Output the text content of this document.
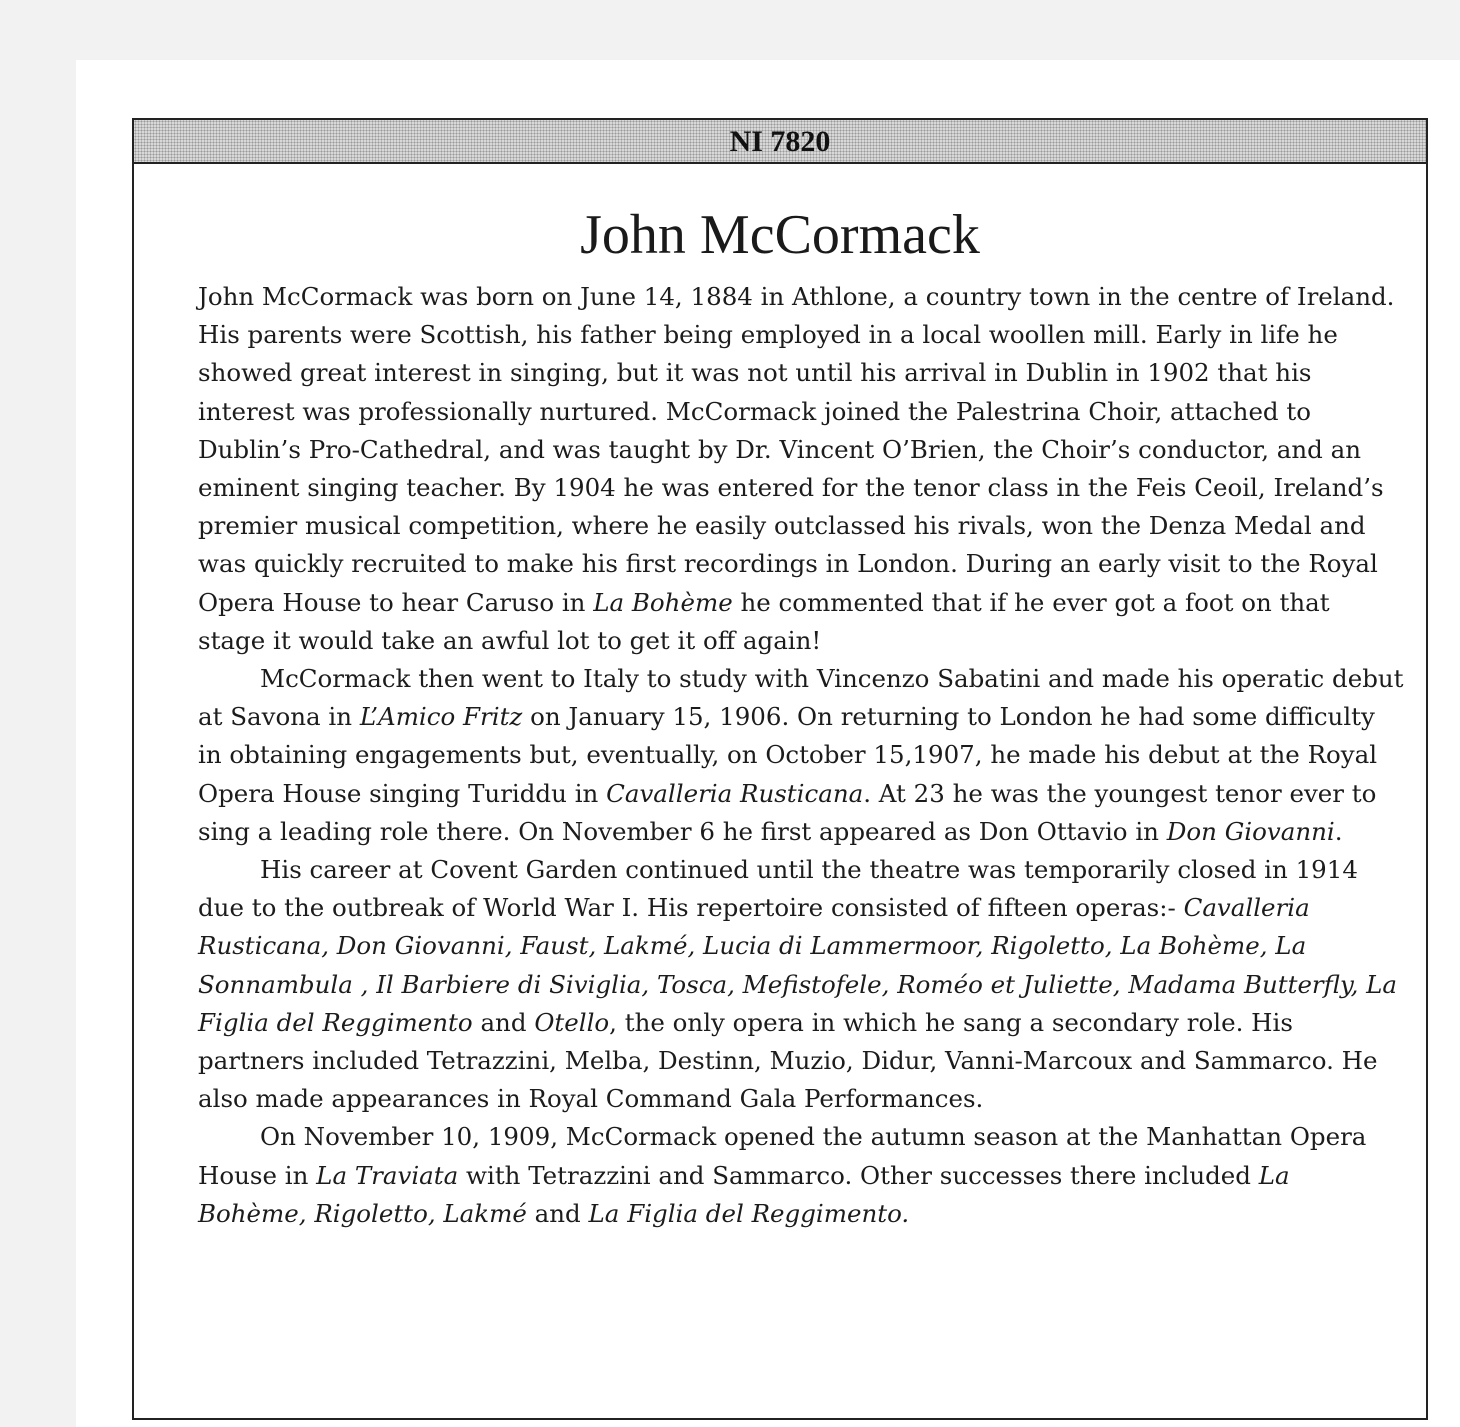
NI 7820
John McCormack

John McCormack was born on June 14, 1884 in Athlone, a country town in the centre of Ireland. His parents were Scottish, his father being employed in a local woollen mill. Early in life he showed great interest in singing, but it was not until his arrival in Dublin in 1902 that his interest was professionally nurtured. McCormack joined the Palestrina Choir, attached to Dublin’s Pro-Cathedral, and was taught by Dr. Vincent O’Brien, the Choir’s conductor, and an eminent singing teacher. By 1904 he was entered for the tenor class in the Feis Ceoil, Ireland’s premier musical competition, where he easily outclassed his rivals, won the Denza Medal and was quickly recruited to make his first recordings in London. During an early visit to the Royal Opera House to hear Caruso in La Bohème he commented that if he ever got a foot on that stage it would take an awful lot to get it off again!

McCormack then went to Italy to study with Vincenzo Sabatini and made his operatic debut at Savona in L’Amico Fritz on January 15, 1906. On returning to London he had some difficulty in obtaining engagements but, eventually, on October 15,1907, he made his debut at the Royal Opera House singing Turiddu in Cavalleria Rusticana. At 23 he was the youngest tenor ever to sing a leading role there. On November 6 he first appeared as Don Ottavio in Don Giovanni.

His career at Covent Garden continued until the theatre was temporarily closed in 1914 due to the outbreak of World War I. His repertoire consisted of fifteen operas:- Cavalleria Rusticana, Don Giovanni, Faust, Lakmé, Lucia di Lammermoor, Rigoletto, La Bohème, La Sonnambula , Il Barbiere di Siviglia, Tosca, Mefistofele, Roméo et Juliette, Madama Butterfly, La Figlia del Reggimento and Otello, the only opera in which he sang a secondary role. His partners included Tetrazzini, Melba, Destinn, Muzio, Didur, Vanni-Marcoux and Sammarco. He also made appearances in Royal Command Gala Performances.

On November 10, 1909, McCormack opened the autumn season at the Manhattan Opera House in La Traviata with Tetrazzini and Sammarco. Other successes there included La Bohème, Rigoletto, Lakmé and La Figlia del Reggimento.
